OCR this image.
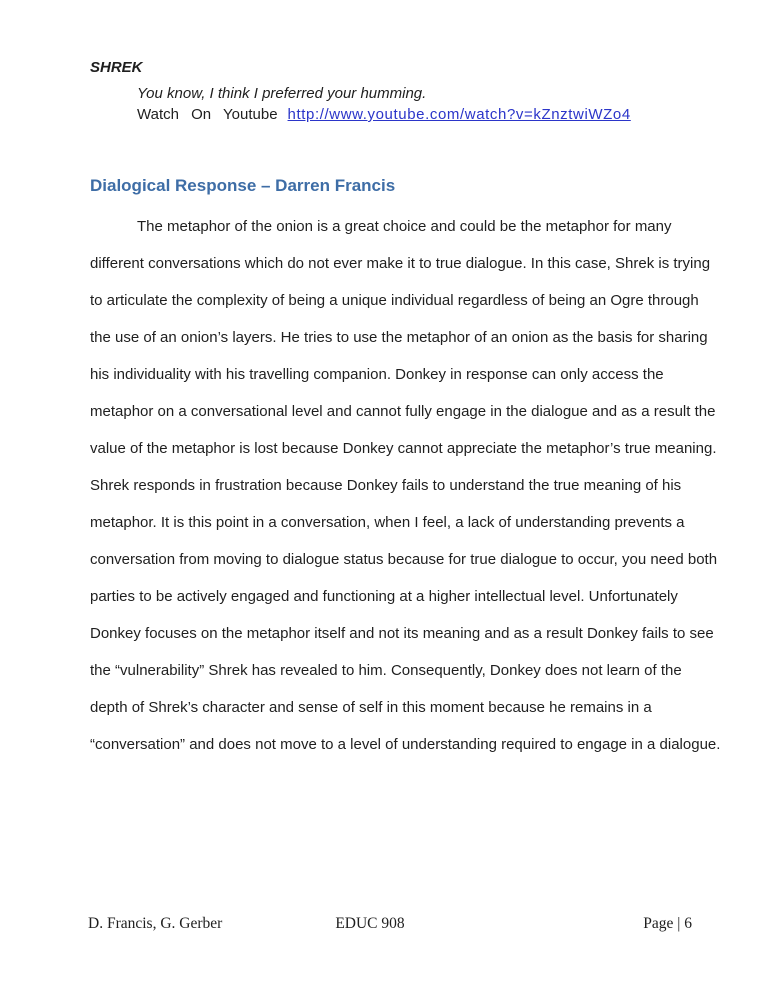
SHREK
You know, I think I preferred your humming.
Watch On Youtube http://www.youtube.com/watch?v=kZnztwiWZo4
Dialogical Response – Darren Francis
The metaphor of the onion is a great choice and could be the metaphor for many
different conversations which do not ever make it to true dialogue. In this case, Shrek is trying
to articulate the complexity of being a unique individual regardless of being an Ogre through
the use of an onion’s layers. He tries to use the metaphor of an onion as the basis for sharing
his individuality with his travelling companion. Donkey in response can only access the
metaphor on a conversational level and cannot fully engage in the dialogue and as a result the
value of the metaphor is lost because Donkey cannot appreciate the metaphor’s true meaning.
Shrek responds in frustration because Donkey fails to understand the true meaning of his
metaphor. It is this point in a conversation, when I feel, a lack of understanding prevents a
conversation from moving to dialogue status because for true dialogue to occur, you need both
parties to be actively engaged and functioning at a higher intellectual level. Unfortunately
Donkey focuses on the metaphor itself and not its meaning and as a result Donkey fails to see
the “vulnerability” Shrek has revealed to him. Consequently, Donkey does not learn of the
depth of Shrek’s character and sense of self in this moment because he remains in a
“conversation” and does not move to a level of understanding required to engage in a dialogue.
D. Francis, G. Gerber	EDUC 908	Page | 6
